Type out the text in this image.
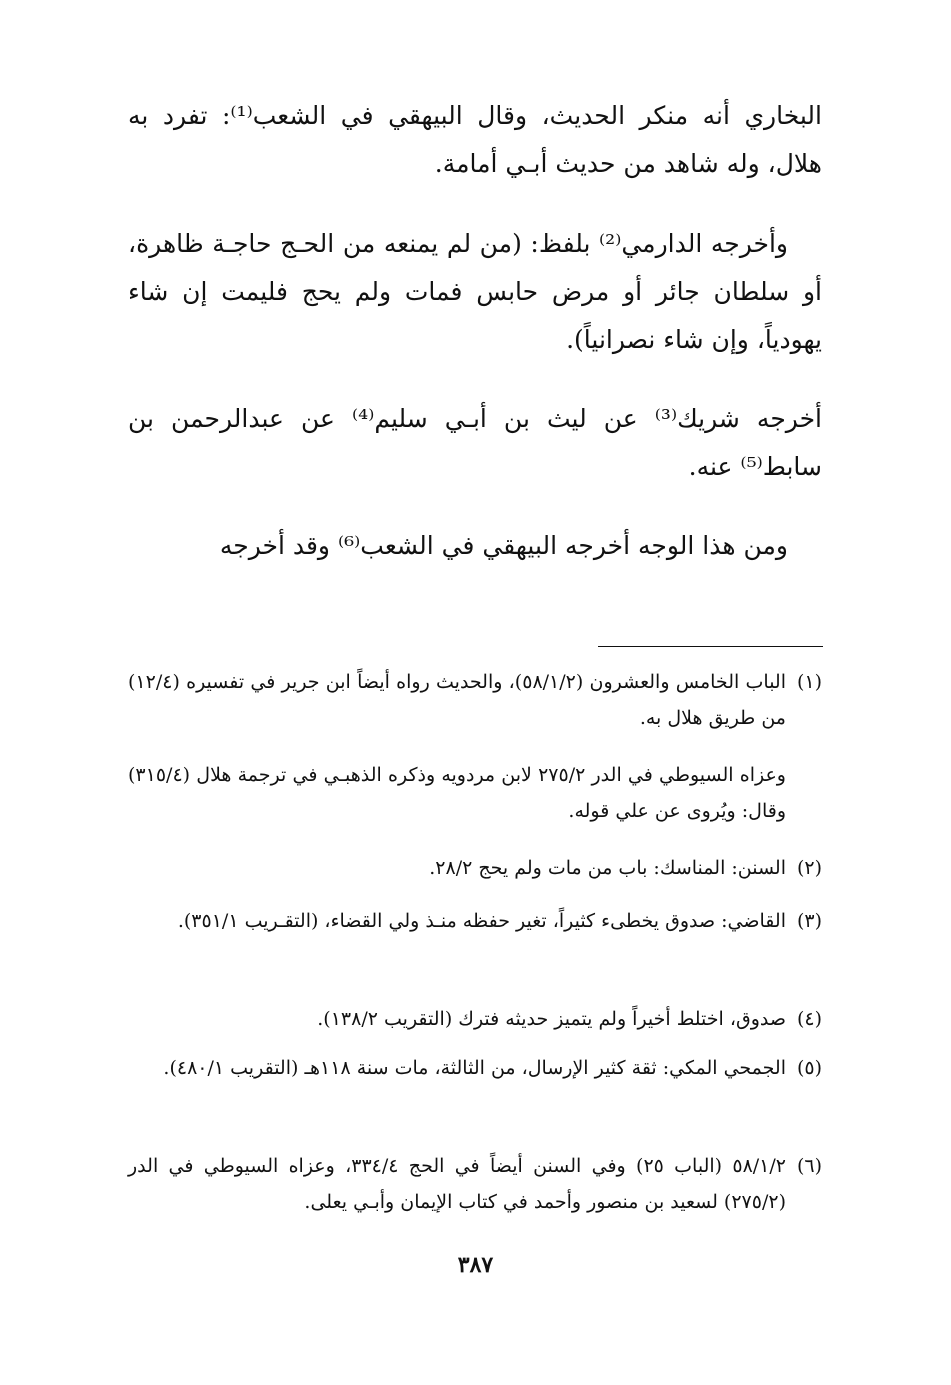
البخاري أنه منكر الحديث، وقال البيهقي في الشعب⁽¹⁾: تفرد به هلال، وله شاهد من حديث أبـي أمامة.

وأخرجه الدارمي⁽²⁾ بلفظ: (من لم يمنعه من الحـج حاجـة ظاهرة، أو سلطان جائر أو مرض حابس فمات ولم يحج فليمت إن شاء يهودياً، وإن شاء نصرانياً).

أخرجه شريك⁽³⁾ عن ليث بن أبـي سليم⁽⁴⁾ عن عبدالرحمن بن سابط⁽⁵⁾ عنه.

ومن هذا الوجه أخرجه البيهقي في الشعب⁽⁶⁾ وقد أخرجه

(١)
الباب الخامس والعشرون (٥٨/١/٢)، والحديث رواه أيضاً ابن جرير في تفسيره (١٢/٤) من طريق هلال به.

وعزاه السيوطي في الدر ٢٧٥/٢ لابن مردويه وذكره الذهبـي في ترجمة هلال (٣١٥/٤) وقال: ويُروى عن علي قوله.

(٢)
السنن: المناسك: باب من مات ولم يحج ٢٨/٢.
(٣)
القاضي: صدوق يخطىء كثيراً، تغير حفظه منـذ ولي القضاء، (التقـريب ٣٥١/١).
(٤)
صدوق، اختلط أخيراً ولم يتميز حديثه فترك (التقريب ١٣٨/٢).
(٥)
الجمحي المكي: ثقة كثير الإرسال، من الثالثة، مات سنة ١١٨هـ (التقريب ٤٨٠/١).
(٦)
٥٨/١/٢ (الباب ٢٥) وفي السنن أيضاً في الحج ٣٣٤/٤، وعزاه السيوطي في الدر (٢٧٥/٢) لسعيد بن منصور وأحمد في كتاب الإيمان وأبـي يعلى.
٣٨٧
